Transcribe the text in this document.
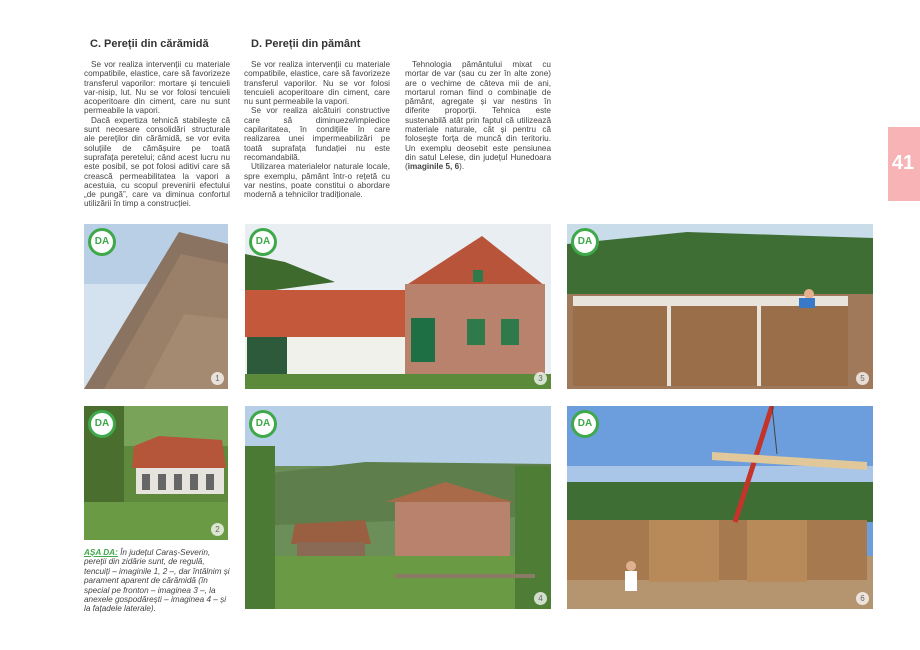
C. Pereții din cărămidă	D. Pereții din pământ

Se vor realiza intervenții cu materiale compatibile, elastice, care să favorizeze transferul vaporilor: mortare și tencuieli var-nisip, lut. Nu se vor folosi tencuieli acoperitoare din ciment, care nu sunt permeabile la vapori.

Dacă expertiza tehnică stabilește că sunt necesare consolidări structurale ale pereților din cărămidă, se vor evita soluțiile de cămășuire pe toată suprafața peretelui; când acest lucru nu este posibil, se pot folosi aditivi care să crească permeabilitatea la vapori a acestuia, cu scopul prevenirii efectului „de pungă”, care va diminua confortul utilizării în timp a construcției.

Se vor realiza intervenții cu materiale compatibile, elastice, care să favorizeze transferul vaporilor. Nu se vor folosi tencuieli acoperitoare din ciment, care nu sunt permeabile la vapori.

Se vor realiza alcătuiri constructive care să diminueze/impiedice capilaritatea, în condițiile în care realizarea unei impermeabilizări pe toată suprafața fundației nu este recomandabilă.

Utilizarea materialelor naturale locale, spre exemplu, pământ într-o rețetă cu var nestins, poate constitui o abordare modernă a tehnicilor tradiționale.

Tehnologia pământului mixat cu mortar de var (sau cu zer în alte zone) are o vechime de câteva mii de ani, mortarul roman fiind o combinație de pământ, agregate și var nestins în diferite proporții. Tehnica este sustenabilă atât prin faptul că utilizează materiale naturale, cât și pentru că folosește forța de muncă din teritoriu. Un exemplu deosebit este pensiunea din satul Lelese, din județul Hunedoara (imaginile 5, 6).	41
DA
1
DA
2
DA
3
DA
4
DA
5
DA
6
AȘA DA: În județul Caraș-Severin, pereții din zidărie sunt, de regulă, tencuiți – imaginile 1, 2 –, dar întâlnim și parament aparent de cărămidă (în special pe fronton – imaginea 3 –, la anexele gospodărești – imaginea 4 – și la fațadele laterale).
